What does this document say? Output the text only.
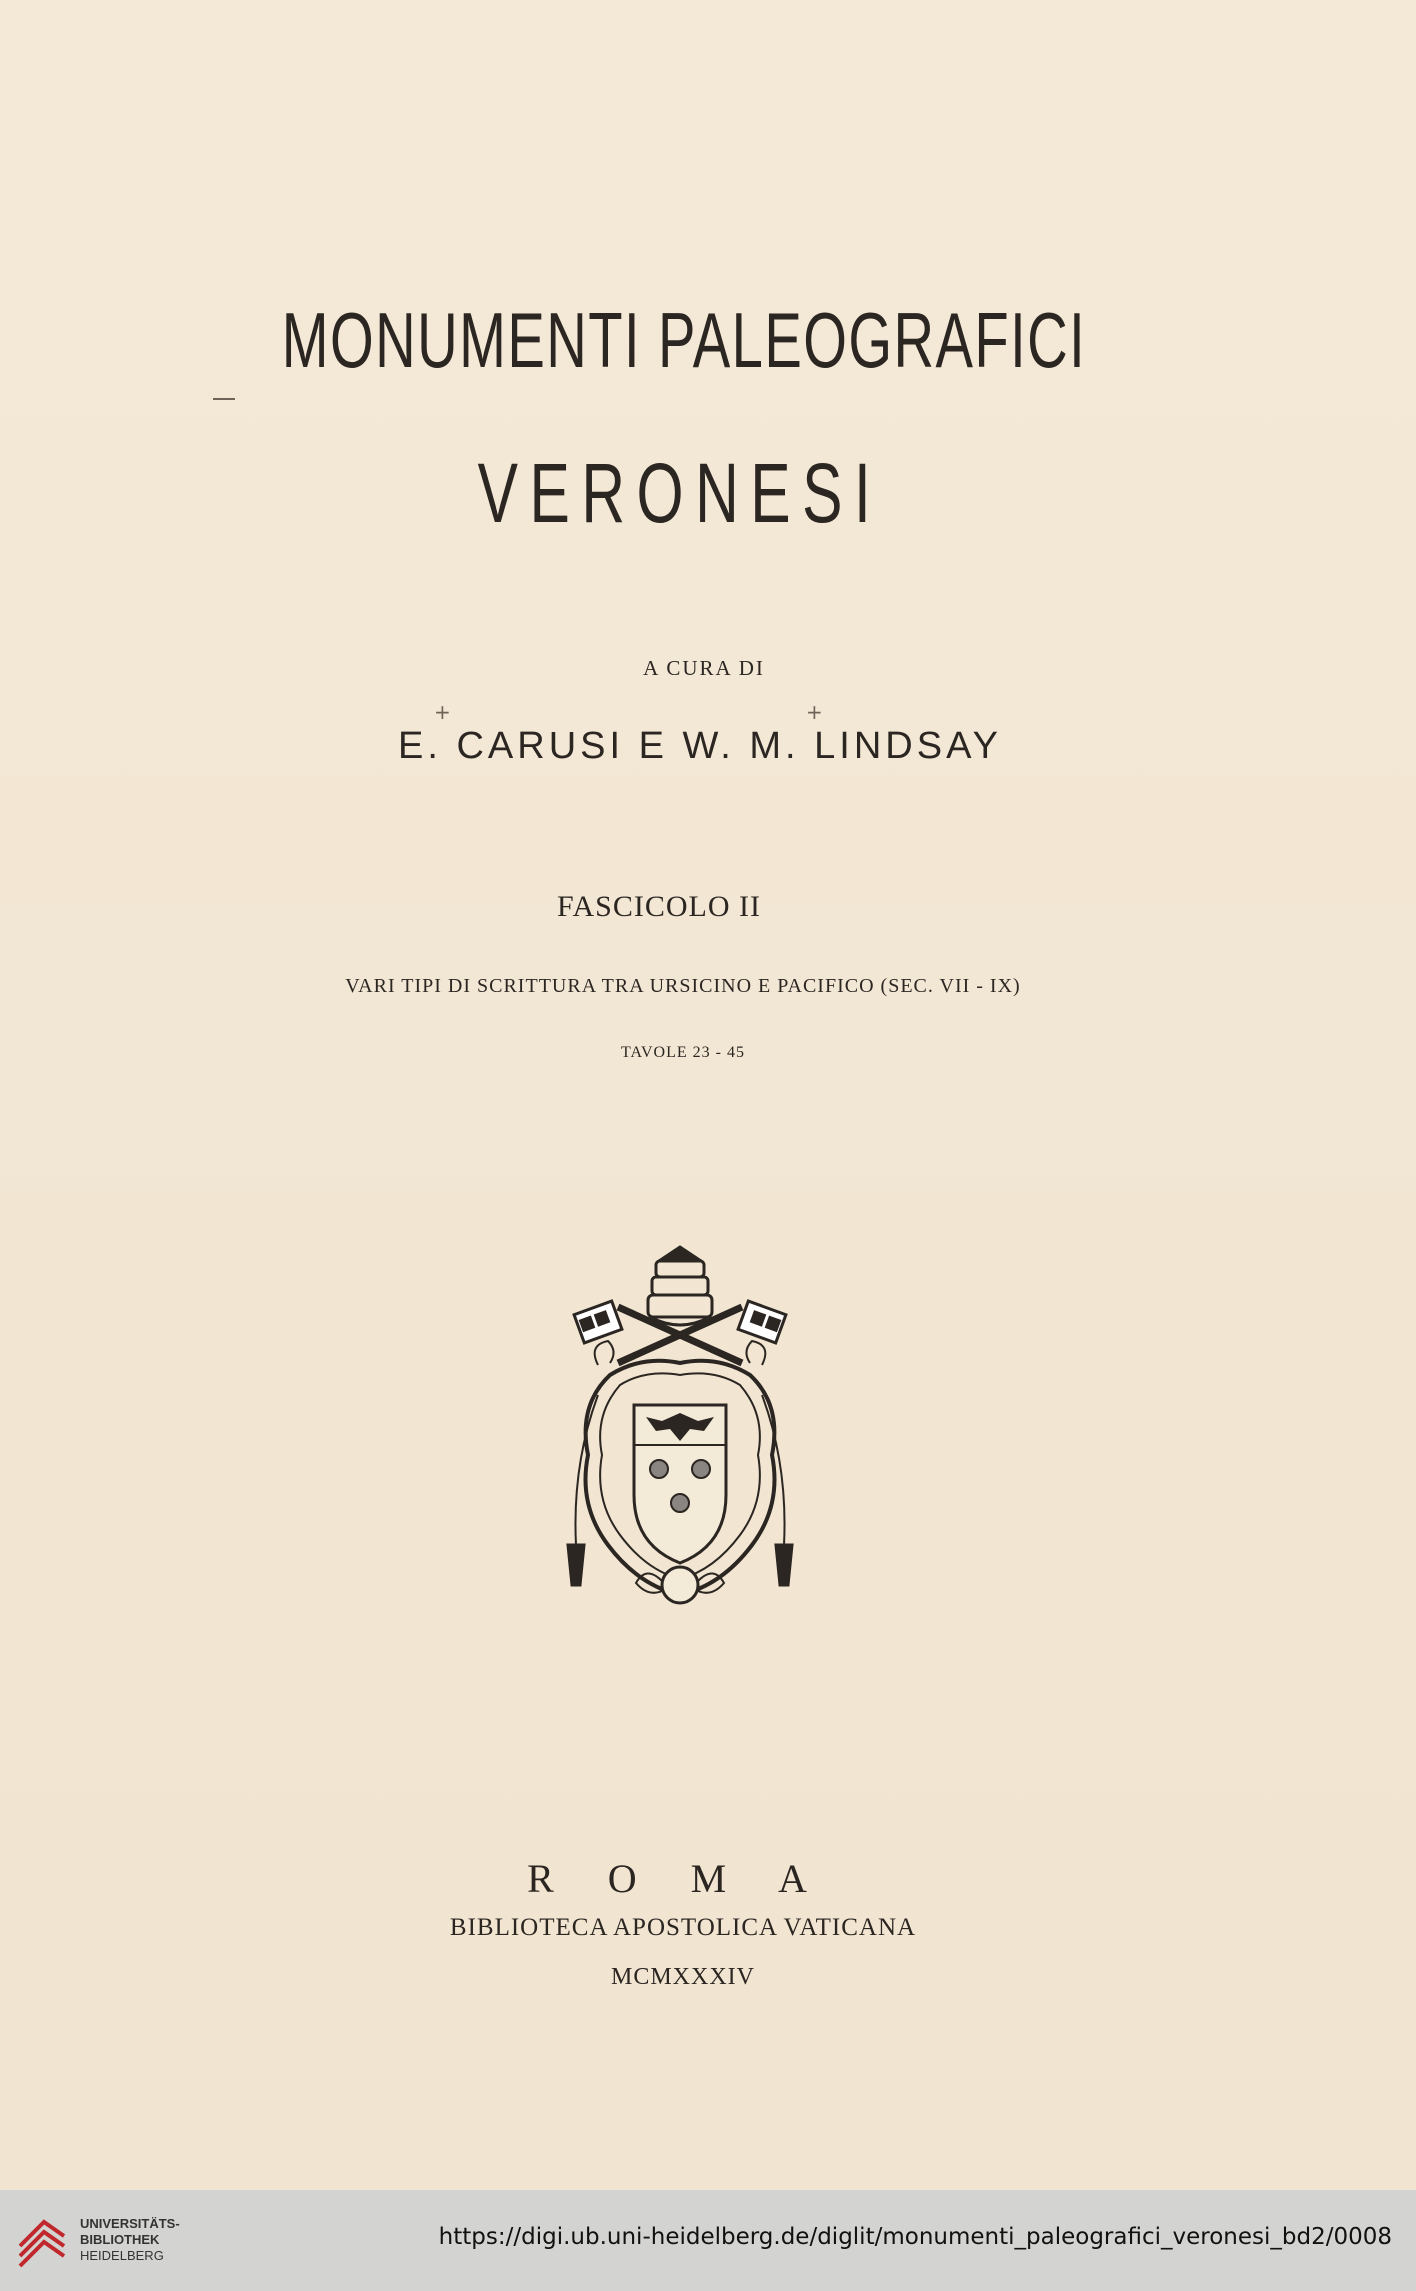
MONUMENTI PALEOGRAFICI
VERONESI
A CURA DI
+	+
E. CARUSI E W. M. LINDSAY
FASCICOLO II
VARI TIPI DI SCRITTURA TRA URSICINO E PACIFICO (SEC. VII - IX)
TAVOLE 23 - 45
R O M A
BIBLIOTECA APOSTOLICA VATICANA
MCMXXXIV
UNIVERSITÄTS-
BIBLIOTHEK
HEIDELBERG
https://digi.ub.uni-heidelberg.de/diglit/monumenti_paleografici_veronesi_bd2/0008
